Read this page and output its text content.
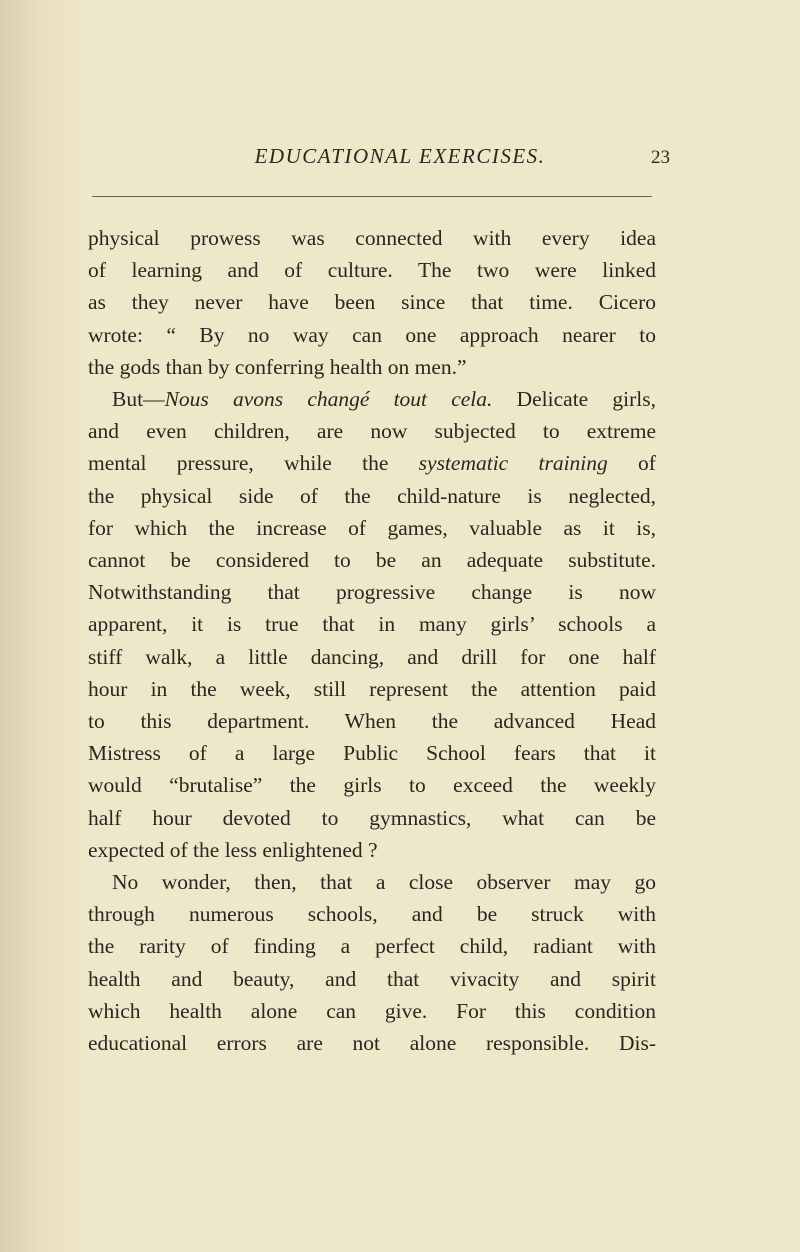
EDUCATIONAL EXERCISES.	23
physical prowess was connected with every idea
of learning and of culture. The two were linked
as they never have been since that time. Cicero
wrote: “ By no way can one approach nearer to
the gods than by conferring health on men.”
But—Nous avons changé tout cela. Delicate girls,
and even children, are now subjected to extreme
mental pressure, while the systematic training of
the physical side of the child-nature is neglected,
for which the increase of games, valuable as it is,
cannot be considered to be an adequate substitute.
Notwithstanding that progressive change is now
apparent, it is true that in many girls’ schools a
stiff walk, a little dancing, and drill for one half
hour in the week, still represent the attention paid
to this department. When the advanced Head
Mistress of a large Public School fears that it
would “brutalise” the girls to exceed the weekly
half hour devoted to gymnastics, what can be
expected of the less enlightened ?
No wonder, then, that a close observer may go
through numerous schools, and be struck with
the rarity of finding a perfect child, radiant with
health and beauty, and that vivacity and spirit
which health alone can give. For this condition
educational errors are not alone responsible. Dis-
